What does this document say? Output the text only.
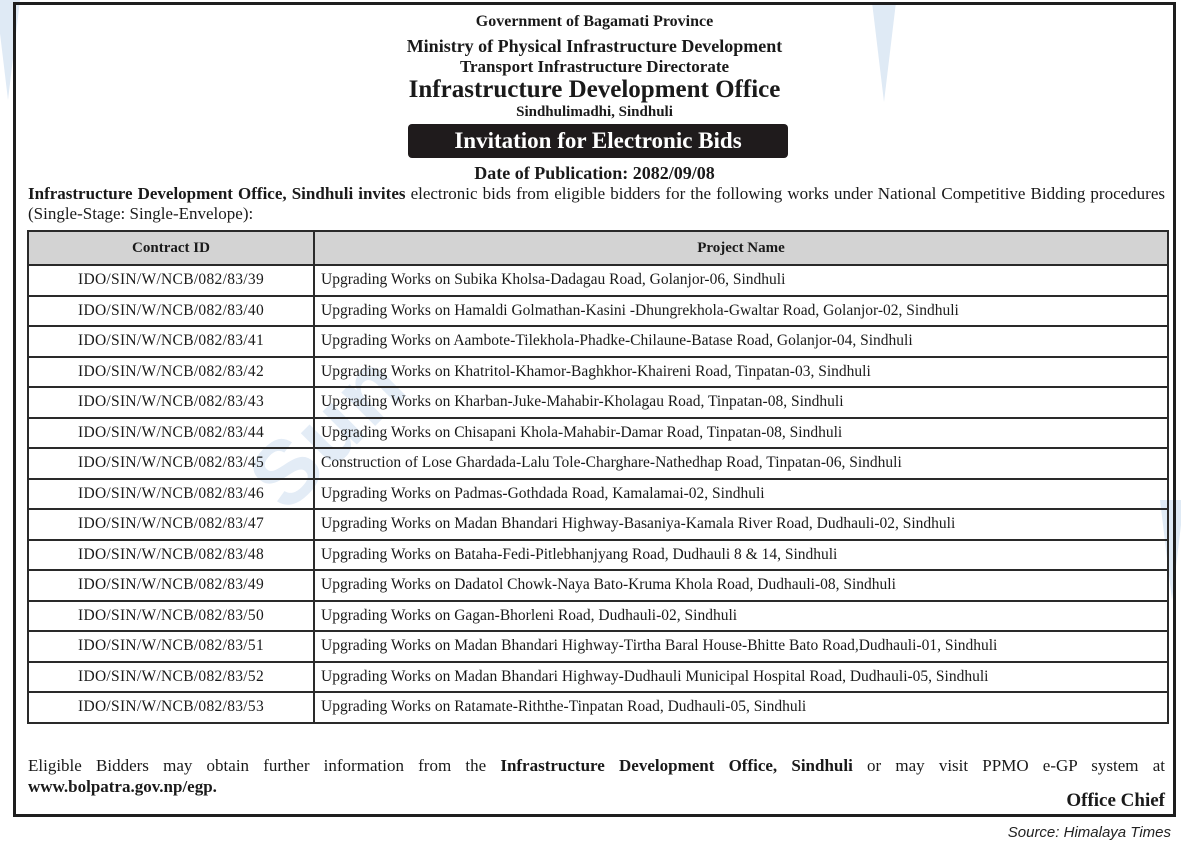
Sun
Government of Bagamati Province
Ministry of Physical Infrastructure Development
Transport Infrastructure Directorate
Infrastructure Development Office
Sindhulimadhi, Sindhuli
Invitation for Electronic Bids
Date of Publication: 2082/09/08
Infrastructure Development Office, Sindhuli invites electronic bids from eligible bidders for the following works under National Competitive Bidding procedures (Single-Stage: Single-Envelope):
Contract ID	Project Name
IDO/SIN/W/NCB/082/83/39	Upgrading Works on Subika Kholsa-Dadagau Road, Golanjor-06, Sindhuli
IDO/SIN/W/NCB/082/83/40	Upgrading Works on Hamaldi Golmathan-Kasini -Dhungrekhola-Gwaltar Road, Golanjor-02, Sindhuli
IDO/SIN/W/NCB/082/83/41	Upgrading Works on Aambote-Tilekhola-Phadke-Chilaune-Batase Road, Golanjor-04, Sindhuli
IDO/SIN/W/NCB/082/83/42	Upgrading Works on Khatritol-Khamor-Baghkhor-Khaireni Road, Tinpatan-03, Sindhuli
IDO/SIN/W/NCB/082/83/43	Upgrading Works on Kharban-Juke-Mahabir-Kholagau Road, Tinpatan-08, Sindhuli
IDO/SIN/W/NCB/082/83/44	Upgrading Works on Chisapani Khola-Mahabir-Damar Road, Tinpatan-08, Sindhuli
IDO/SIN/W/NCB/082/83/45	Construction of Lose Ghardada-Lalu Tole-Charghare-Nathedhap Road, Tinpatan-06, Sindhuli
IDO/SIN/W/NCB/082/83/46	Upgrading Works on Padmas-Gothdada Road, Kamalamai-02, Sindhuli
IDO/SIN/W/NCB/082/83/47	Upgrading Works on Madan Bhandari Highway-Basaniya-Kamala River Road, Dudhauli-02, Sindhuli
IDO/SIN/W/NCB/082/83/48	Upgrading Works on Bataha-Fedi-Pitlebhanjyang Road, Dudhauli 8 & 14, Sindhuli
IDO/SIN/W/NCB/082/83/49	Upgrading Works on Dadatol Chowk-Naya Bato-Kruma Khola Road, Dudhauli-08, Sindhuli
IDO/SIN/W/NCB/082/83/50	Upgrading Works on Gagan-Bhorleni Road, Dudhauli-02, Sindhuli
IDO/SIN/W/NCB/082/83/51	Upgrading Works on Madan Bhandari Highway-Tirtha Baral House-Bhitte Bato Road,Dudhauli-01, Sindhuli
IDO/SIN/W/NCB/082/83/52	Upgrading Works on Madan Bhandari Highway-Dudhauli Municipal Hospital Road, Dudhauli-05, Sindhuli
IDO/SIN/W/NCB/082/83/53	Upgrading Works on Ratamate-Riththe-Tinpatan Road, Dudhauli-05, Sindhuli
Eligible Bidders may obtain further information from the Infrastructure Development Office, Sindhuli or may visit PPMO e-GP system at
www.bolpatra.gov.np/egp.
Office Chief
Source: Himalaya Times
